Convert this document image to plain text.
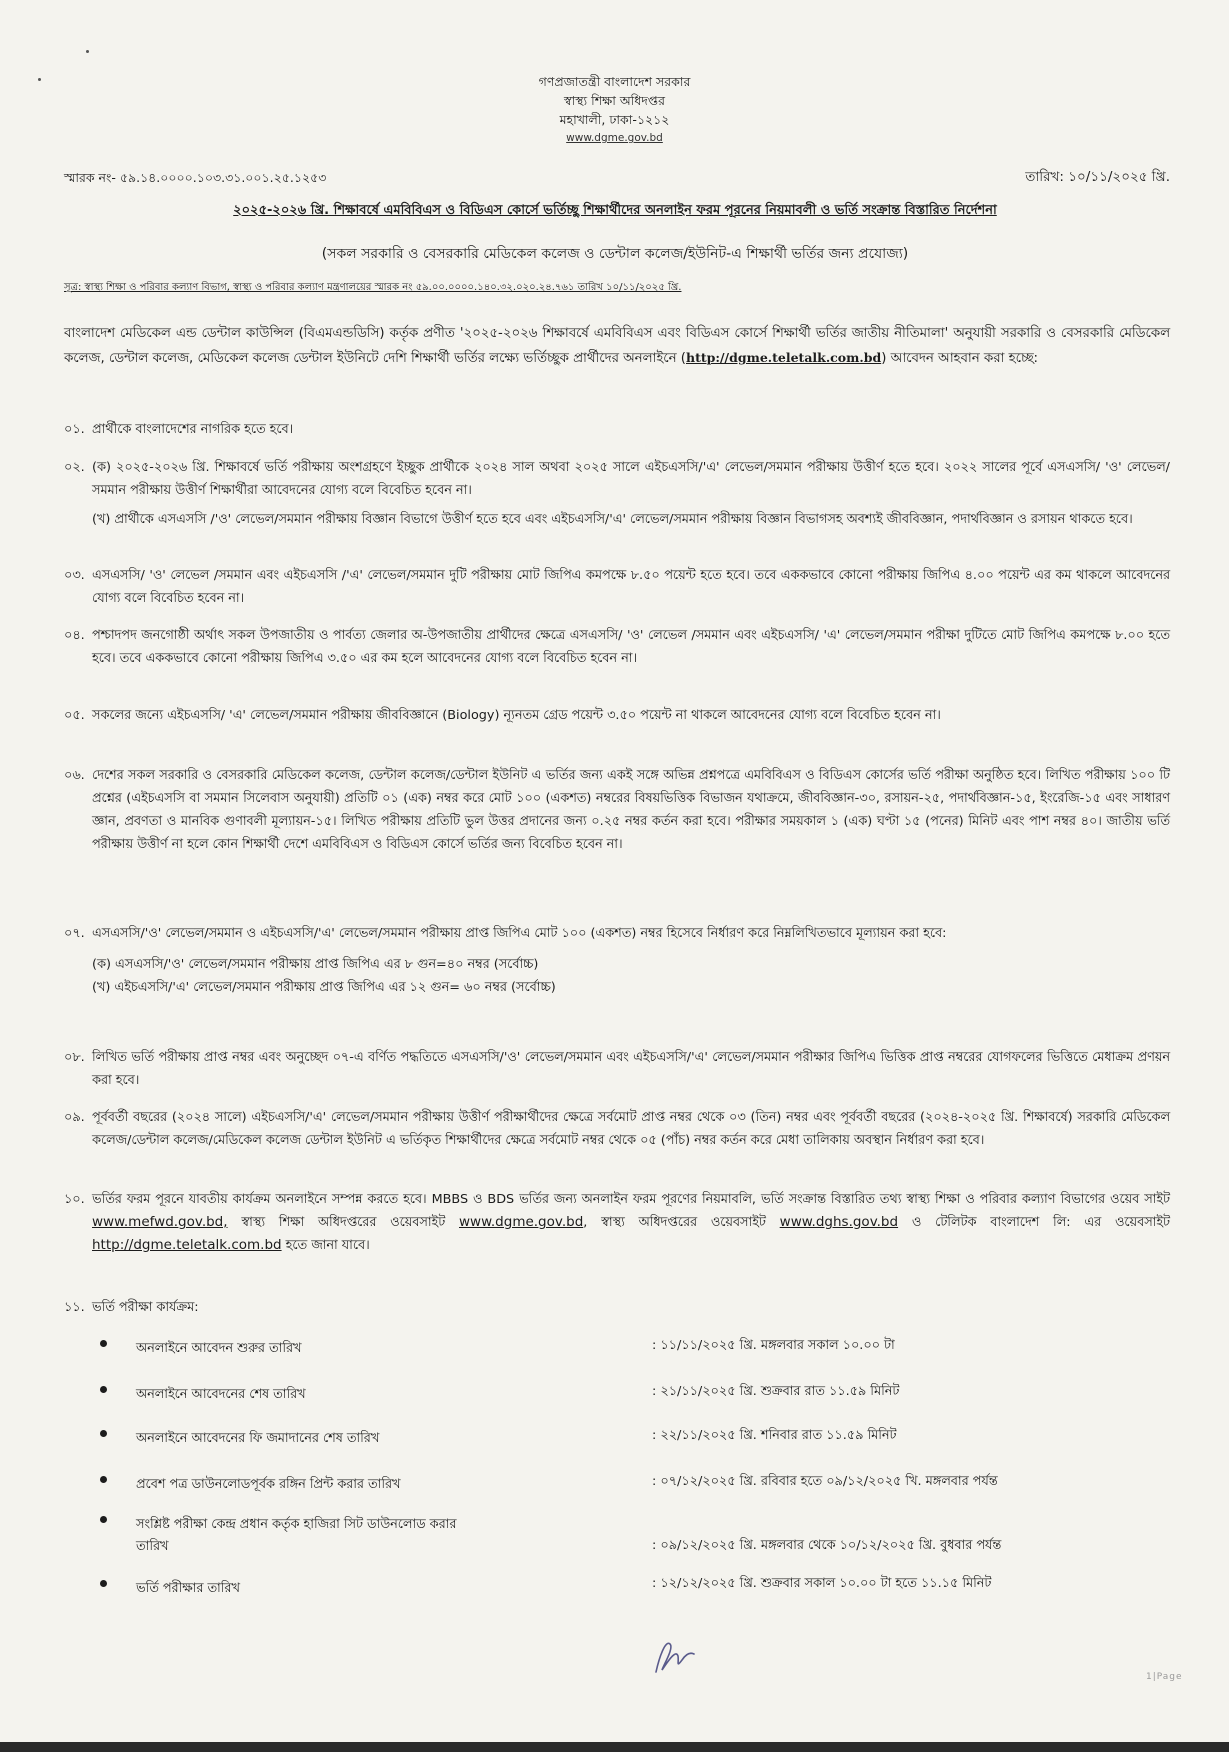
গণপ্রজাতন্ত্রী বাংলাদেশ সরকার
স্বাস্থ্য শিক্ষা অধিদপ্তর
মহাখালী, ঢাকা-১২১২
www.dgme.gov.bd
স্মারক নং- ৫৯.১৪.০০০০.১০৩.৩১.০০১.২৫.১২৫৩	তারিখ: ১০/১১/২০২৫ খ্রি.
২০২৫-২০২৬ খ্রি. শিক্ষাবর্ষে এমবিবিএস ও বিডিএস কোর্সে ভর্তিচ্ছু শিক্ষার্থীদের অনলাইন ফরম পূরনের নিয়মাবলী ও ভর্তি সংক্রান্ত বিস্তারিত নির্দেশনা
(সকল সরকারি ও বেসরকারি মেডিকেল কলেজ ও ডেন্টাল কলেজ/ইউনিট-এ শিক্ষার্থী ভর্তির জন্য প্রযোজ্য)
সূত্র: স্বাস্থ্য শিক্ষা ও পরিবার কল্যাণ বিভাগ, স্বাস্থ্য ও পরিবার কল্যাণ মন্ত্রণালয়ের স্মারক নং ৫৯.০০.০০০০.১৪০.৩২.০২০.২৪.৭৬১ তারিখ ১০/১১/২০২৫ খ্রি.
বাংলাদেশ মেডিকেল এন্ড ডেন্টাল কাউন্সিল (বিএমএন্ডডিসি) কর্তৃক প্রণীত '২০২৫-২০২৬ শিক্ষাবর্ষে এমবিবিএস এবং বিডিএস কোর্সে শিক্ষার্থী ভর্তির জাতীয় নীতিমালা' অনুযায়ী সরকারি ও বেসরকারি মেডিকেল কলেজ, ডেন্টাল কলেজ, মেডিকেল কলেজ ডেন্টাল ইউনিটে দেশি শিক্ষার্থী ভর্তির লক্ষ্যে ভর্তিচ্ছুক প্রার্থীদের অনলাইনে (http://dgme.teletalk.com.bd) আবেদন আহবান করা হচ্ছে:
০১. প্রার্থীকে বাংলাদেশের নাগরিক হতে হবে।
০২. (ক) ২০২৫-২০২৬ খ্রি. শিক্ষাবর্ষে ভর্তি পরীক্ষায় অংশগ্রহণে ইচ্ছুক প্রার্থীকে ২০২৪ সাল অথবা ২০২৫ সালে এইচএসসি/'এ' লেভেল/সমমান পরীক্ষায় উত্তীর্ণ হতে হবে। ২০২২ সালের পূর্বে এসএসসি/ 'ও' লেভেল/সমমান পরীক্ষায় উত্তীর্ণ শিক্ষার্থীরা আবেদনের যোগ্য বলে বিবেচিত হবেন না।
(খ) প্রার্থীকে এসএসসি /'ও' লেভেল/সমমান পরীক্ষায় বিজ্ঞান বিভাগে উত্তীর্ণ হতে হবে এবং এইচএসসি/'এ' লেভেল/সমমান পরীক্ষায় বিজ্ঞান বিভাগসহ অবশ্যই জীববিজ্ঞান, পদার্থবিজ্ঞান ও রসায়ন থাকতে হবে।
০৩. এসএসসি/ 'ও' লেভেল /সমমান এবং এইচএসসি /'এ' লেভেল/সমমান দুটি পরীক্ষায় মোট জিপিএ কমপক্ষে ৮.৫০ পয়েন্ট হতে হবে। তবে এককভাবে কোনো পরীক্ষায় জিপিএ ৪.০০ পয়েন্ট এর কম থাকলে আবেদনের যোগ্য বলে বিবেচিত হবেন না।
০৪. পশ্চাদপদ জনগোষ্ঠী অর্থাৎ সকল উপজাতীয় ও পার্বত্য জেলার অ-উপজাতীয় প্রার্থীদের ক্ষেত্রে এসএসসি/ 'ও' লেভেল /সমমান এবং এইচএসসি/ 'এ' লেভেল/সমমান পরীক্ষা দুটিতে মোট জিপিএ কমপক্ষে ৮.০০ হতে হবে। তবে এককভাবে কোনো পরীক্ষায় জিপিএ ৩.৫০ এর কম হলে আবেদনের যোগ্য বলে বিবেচিত হবেন না।
০৫. সকলের জন্যে এইচএসসি/ 'এ' লেভেল/সমমান পরীক্ষায় জীববিজ্ঞানে (Biology) ন্যূনতম গ্রেড পয়েন্ট ৩.৫০ পয়েন্ট না থাকলে আবেদনের যোগ্য বলে বিবেচিত হবেন না।
০৬. দেশের সকল সরকারি ও বেসরকারি মেডিকেল কলেজ, ডেন্টাল কলেজ/ডেন্টাল ইউনিট এ ভর্তির জন্য একই সঙ্গে অভিন্ন প্রশ্নপত্রে এমবিবিএস ও বিডিএস কোর্সের ভর্তি পরীক্ষা অনুষ্ঠিত হবে। লিখিত পরীক্ষায় ১০০ টি প্রশ্নের (এইচএসসি বা সমমান সিলেবাস অনুযায়ী) প্রতিটি ০১ (এক) নম্বর করে মোট ১০০ (একশত) নম্বরের বিষয়ভিত্তিক বিভাজন যথাক্রমে, জীববিজ্ঞান-৩০, রসায়ন-২৫, পদার্থবিজ্ঞান-১৫, ইংরেজি-১৫ এবং সাধারণ জ্ঞান, প্রবণতা ও মানবিক গুণাবলী মূল্যায়ন-১৫। লিখিত পরীক্ষায় প্রতিটি ভুল উত্তর প্রদানের জন্য ০.২৫ নম্বর কর্তন করা হবে। পরীক্ষার সময়কাল ১ (এক) ঘণ্টা ১৫ (পনের) মিনিট এবং পাশ নম্বর ৪০। জাতীয় ভর্তি পরীক্ষায় উত্তীর্ণ না হলে কোন শিক্ষার্থী দেশে এমবিবিএস ও বিডিএস কোর্সে ভর্তির জন্য বিবেচিত হবেন না।
০৭. এসএসসি/'ও' লেভেল/সমমান ও এইচএসসি/'এ' লেভেল/সমমান পরীক্ষায় প্রাপ্ত জিপিএ মোট ১০০ (একশত) নম্বর হিসেবে নির্ধারণ করে নিম্নলিখিতভাবে মূল্যায়ন করা হবে:
(ক) এসএসসি/'ও' লেভেল/সমমান পরীক্ষায় প্রাপ্ত জিপিএ এর ৮ গুন=৪০ নম্বর (সর্বোচ্চ)
(খ) এইচএসসি/'এ' লেভেল/সমমান পরীক্ষায় প্রাপ্ত জিপিএ এর ১২ গুন= ৬০ নম্বর (সর্বোচ্চ)
০৮. লিখিত ভর্তি পরীক্ষায় প্রাপ্ত নম্বর এবং অনুচ্ছেদ ০৭-এ বর্ণিত পদ্ধতিতে এসএসসি/'ও' লেভেল/সমমান এবং এইচএসসি/'এ' লেভেল/সমমান পরীক্ষার জিপিএ ভিত্তিক প্রাপ্ত নম্বরের যোগফলের ভিত্তিতে মেধাক্রম প্রণয়ন করা হবে।
০৯. পূর্ববর্তী বছরের (২০২৪ সালে) এইচএসসি/'এ' লেভেল/সমমান পরীক্ষায় উত্তীর্ণ পরীক্ষার্থীদের ক্ষেত্রে সর্বমোট প্রাপ্ত নম্বর থেকে ০৩ (তিন) নম্বর এবং পূর্ববর্তী বছরের (২০২৪-২০২৫ খ্রি. শিক্ষাবর্ষে) সরকারি মেডিকেল কলেজ/ডেন্টাল কলেজ/মেডিকেল কলেজ ডেন্টাল ইউনিট এ ভর্তিকৃত শিক্ষার্থীদের ক্ষেত্রে সর্বমোট নম্বর থেকে ০৫ (পাঁচ) নম্বর কর্তন করে মেধা তালিকায় অবস্থান নির্ধারণ করা হবে।
১০. ভর্তির ফরম পূরনে যাবতীয় কার্যক্রম অনলাইনে সম্পন্ন করতে হবে। MBBS ও BDS ভর্তির জন্য অনলাইন ফরম পূরণের নিয়মাবলি, ভর্তি সংক্রান্ত বিস্তারিত তথ্য স্বাস্থ্য শিক্ষা ও পরিবার কল্যাণ বিভাগের ওয়েব সাইট www.mefwd.gov.bd, স্বাস্থ্য শিক্ষা অধিদপ্তরের ওয়েবসাইট www.dgme.gov.bd, স্বাস্থ্য অধিদপ্তরের ওয়েবসাইট www.dghs.gov.bd ও টেলিটক বাংলাদেশ লি: এর ওয়েবসাইট http://dgme.teletalk.com.bd হতে জানা যাবে।
১১. ভর্তি পরীক্ষা কার্যক্রম:
অনলাইনে আবেদন শুরুর তারিখ	: ১১/১১/২০২৫ খ্রি. মঙ্গলবার সকাল ১০.০০ টা
অনলাইনে আবেদনের শেষ তারিখ	: ২১/১১/২০২৫ খ্রি. শুক্রবার রাত ১১.৫৯ মিনিট
অনলাইনে আবেদনের ফি জমাদানের শেষ তারিখ	: ২২/১১/২০২৫ খ্রি. শনিবার রাত ১১.৫৯ মিনিট
প্রবেশ পত্র ডাউনলোডপূর্বক রঙ্গিন প্রিন্ট করার তারিখ	: ০৭/১২/২০২৫ খ্রি. রবিবার হতে ০৯/১২/২০২৫ খি. মঙ্গলবার পর্যন্ত
সংশ্লিষ্ট পরীক্ষা কেন্দ্র প্রধান কর্তৃক হাজিরা সিট ডাউনলোড করার তারিখ	: ০৯/১২/২০২৫ খ্রি. মঙ্গলবার থেকে ১০/১২/২০২৫ খ্রি. বুধবার পর্যন্ত
ভর্তি পরীক্ষার তারিখ	: ১২/১২/২০২৫ খ্রি. শুক্রবার সকাল ১০.০০ টা হতে ১১.১৫ মিনিট
1|Page
